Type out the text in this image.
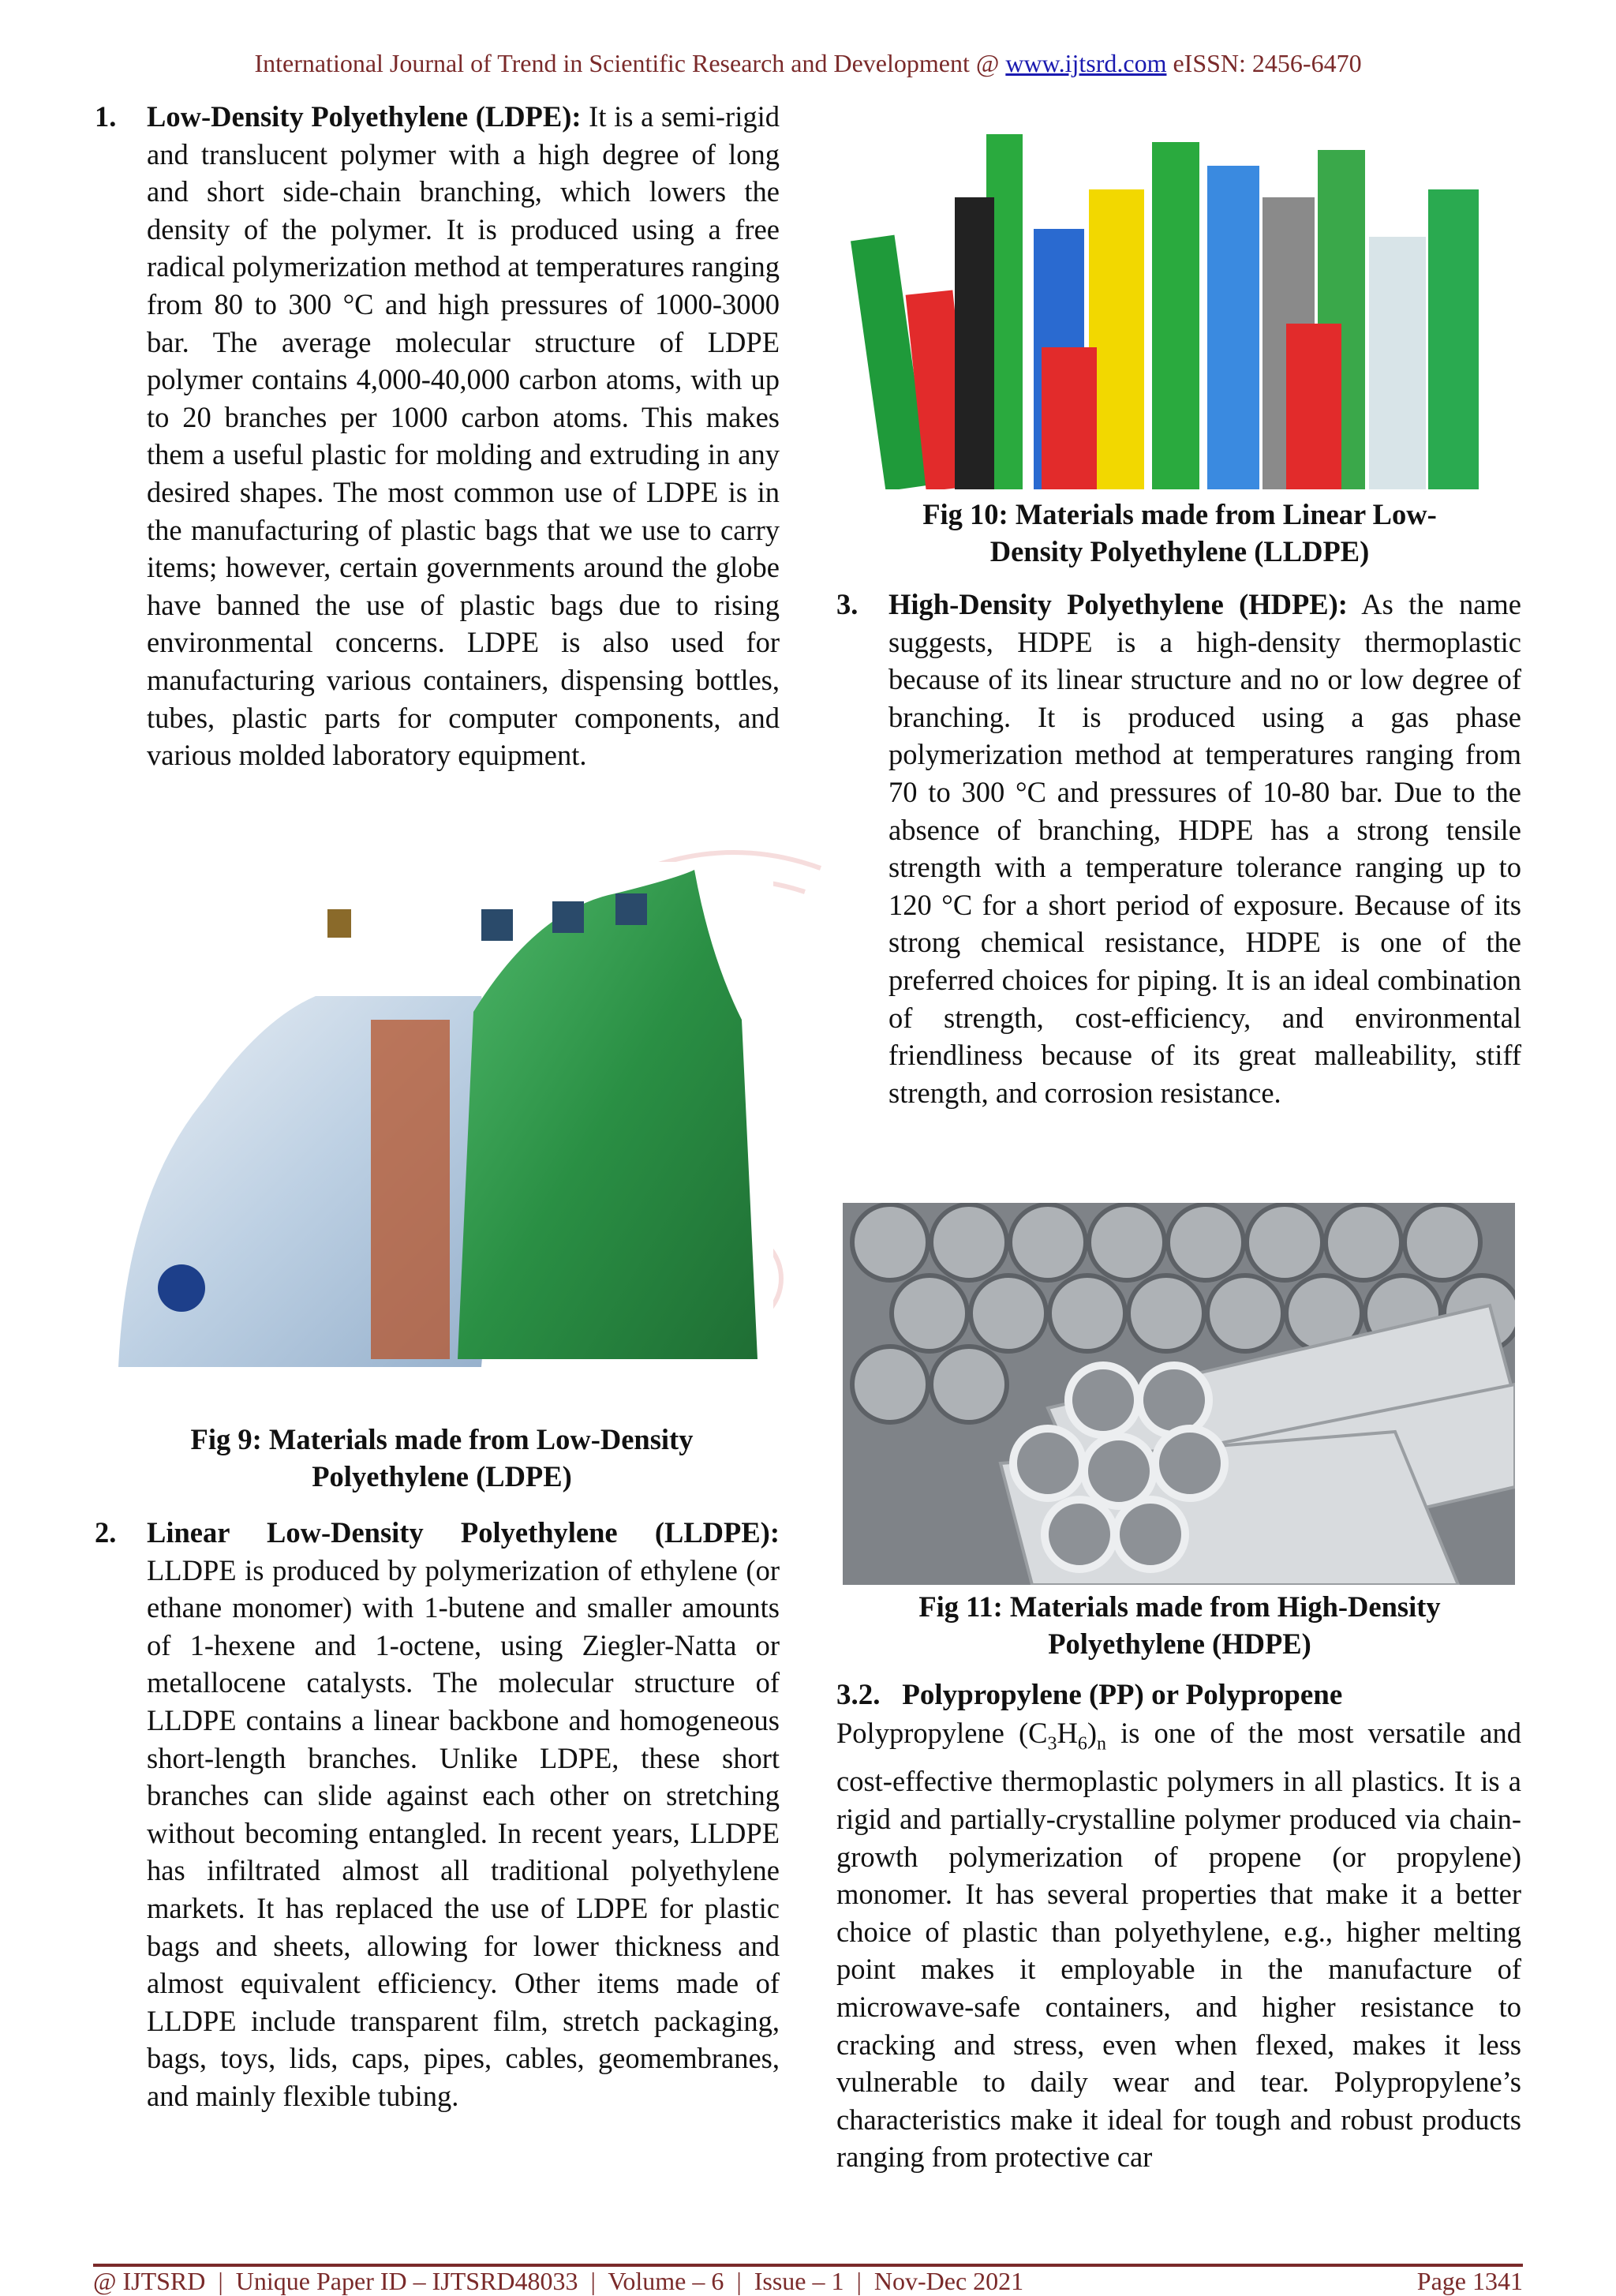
International Journal of Trend in Scientific Research and Development @ www.ijtsrd.com eISSN: 2456-6470
1. Low-Density Polyethylene (LDPE): It is a semi-rigid and translucent polymer with a high degree of long and short side-chain branching, which lowers the density of the polymer. It is produced using a free radical polymerization method at temperatures ranging from 80 to 300 °C and high pressures of 1000-3000 bar. The average molecular structure of LDPE polymer contains 4,000-40,000 carbon atoms, with up to 20 branches per 1000 carbon atoms. This makes them a useful plastic for molding and extruding in any desired shapes. The most common use of LDPE is in the manufacturing of plastic bags that we use to carry items; however, certain governments around the globe have banned the use of plastic bags due to rising environmental concerns. LDPE is also used for manufacturing various containers, dispensing bottles, tubes, plastic parts for computer components, and various molded laboratory equipment.

Fig 9: Materials made from Low-Density
Polyethylene (LDPE)
2. Linear Low-Density Polyethylene (LLDPE): LLDPE is produced by polymerization of ethylene (or ethane monomer) with 1-butene and smaller amounts of 1-hexene and 1-octene, using Ziegler-Natta or metallocene catalysts. The molecular structure of LLDPE contains a linear backbone and homogeneous short-length branches. Unlike LDPE, these short branches can slide against each other on stretching without becoming entangled. In recent years, LLDPE has infiltrated almost all traditional polyethylene markets. It has replaced the use of LDPE for plastic bags and sheets, allowing for lower thickness and almost equivalent efficiency. Other items made of LLDPE include transparent film, stretch packaging, bags, toys, lids, caps, pipes, cables, geomembranes, and mainly flexible tubing.

Fig 10: Materials made from Linear Low-
Density Polyethylene (LLDPE)
3. High-Density Polyethylene (HDPE): As the name suggests, HDPE is a high-density thermoplastic because of its linear structure and no or low degree of branching. It is produced using a gas phase polymerization method at temperatures ranging from 70 to 300 °C and pressures of 10-80 bar. Due to the absence of branching, HDPE has a strong tensile strength with a temperature tolerance ranging up to 120 °C for a short period of exposure. Because of its strong chemical resistance, HDPE is one of the preferred choices for piping. It is an ideal combination of strength, cost-efficiency, and environmental friendliness because of its great malleability, stiff strength, and corrosion resistance.

Fig 11: Materials made from High-Density
Polyethylene (HDPE)
3.2. Polypropylene (PP) or Polypropene

Polypropylene $(C_3H_6)_n$ is one of the most versatile and cost-effective thermoplastic polymers in all plastics. It is a rigid and partially-crystalline polymer produced via chain-growth polymerization of propene (or propylene) monomer. It has several properties that make it a better choice of plastic than polyethylene, e.g., higher melting point makes it employable in the manufacture of microwave-safe containers, and higher resistance to cracking and stress, even when flexed, makes it less vulnerable to daily wear and tear. Polypropylene’s characteristics make it ideal for tough and robust products ranging from protective car

@ IJTSRD  |  Unique Paper ID – IJTSRD48033  |  Volume – 6  |  Issue – 1  |  Nov-Dec 2021	Page 1341
